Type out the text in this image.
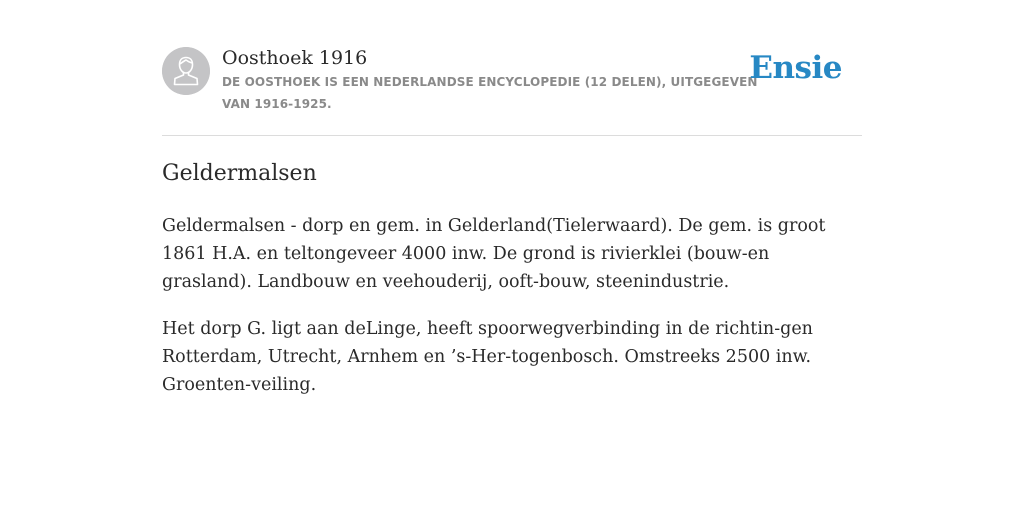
Oosthoek 1916
DE OOSTHOEK IS EEN NEDERLANDSE ENCYCLOPEDIE (12 DELEN), UITGEGEVEN VAN 1916-1925.
Ensie
Geldermalsen

Geldermalsen - dorp en gem. in Gelderland(Tielerwaard). De gem. is groot 1861 H.A. en teltongeveer 4000 inw. De grond is rivierklei (bouw-en grasland). Landbouw en veehouderij, ooft-bouw, steenindustrie.

Het dorp G. ligt aan deLinge, heeft spoorwegverbinding in de richtin-gen Rotterdam, Utrecht, Arnhem en ’s-Her-togenbosch. Omstreeks 2500 inw. Groenten-veiling.
